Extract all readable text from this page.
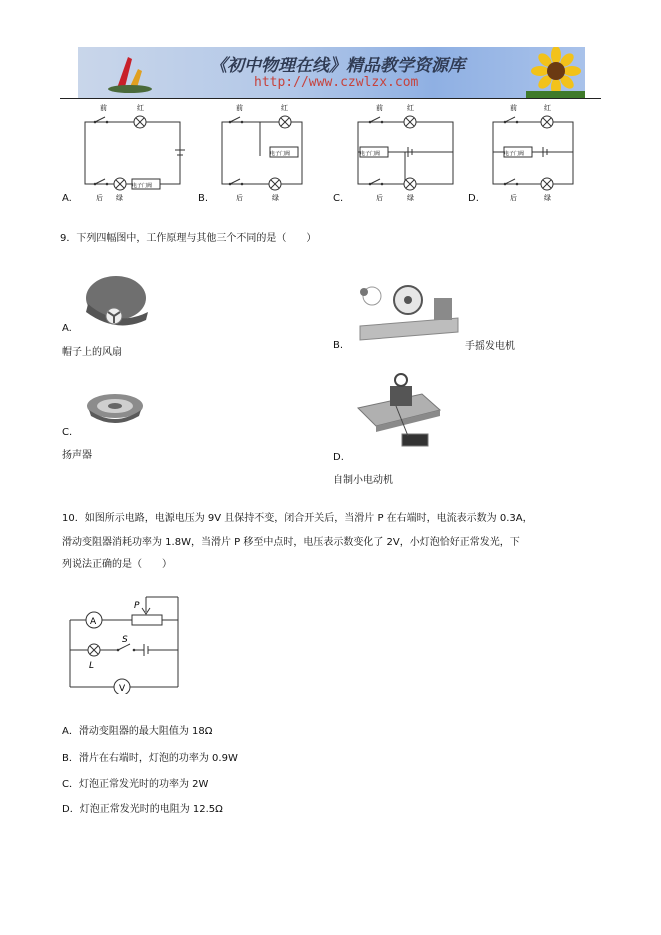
《初中物理在线》精品教学资源库
http://www.czwlzx.com
前	红
电子门阀
后 绿
前	红
电子门阀
后	绿
前	红
电子门阀
后	绿
前	红
电子门阀
后	绿
A.	B.	C.	D.
9．下列四幅图中，工作原理与其他三个不同的是（　　）
A.
帽子上的风扇
B.	手摇发电机
C.
扬声器	D.
自制小电动机
10．如图所示电路，电源电压为 9V 且保持不变，闭合开关后，当滑片 P 在右端时，电流表示数为 0.3A，
滑动变阻器消耗功率为 1.8W，当滑片 P 移至中点时，电压表示数变化了 2V，小灯泡恰好正常发光，下
列说法正确的是（　　）
A
V
P
S
L
A．滑动变阻器的最大阻值为 18Ω
B．滑片在右端时，灯泡的功率为 0.9W
C．灯泡正常发光时的功率为 2W
D．灯泡正常发光时的电阻为 12.5Ω
